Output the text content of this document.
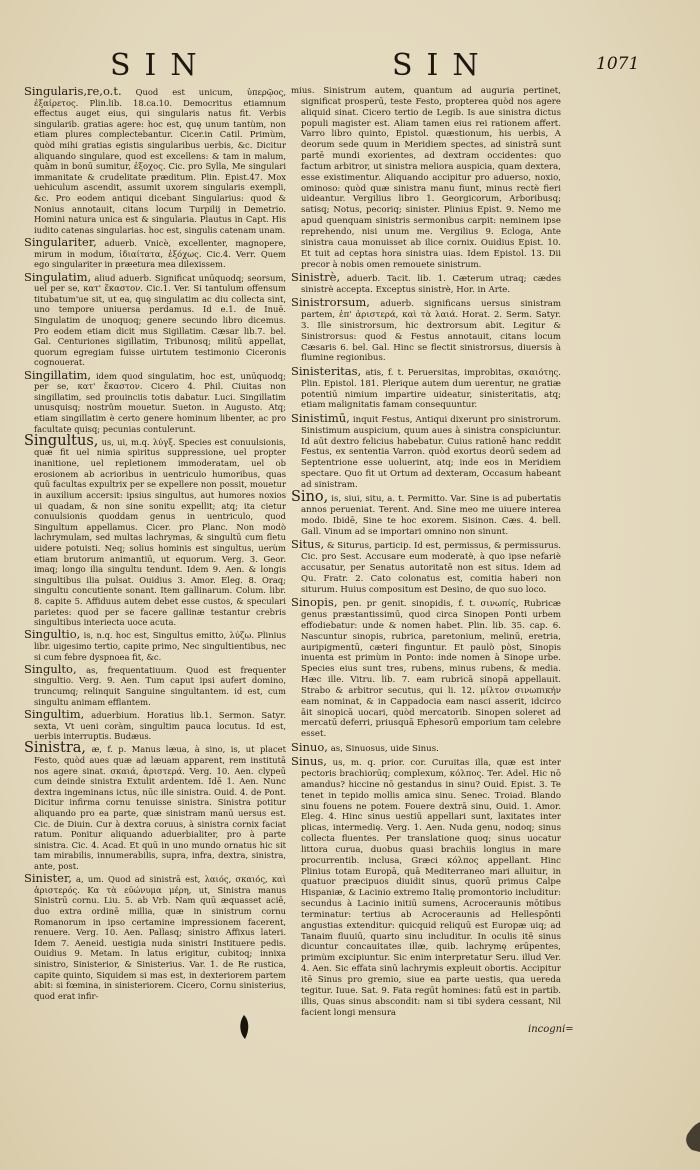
SIN	SIN	1071

Singularis,re,o.t. Quod est unicum, ὑπερῷος, ἐξαίρετος. Plin.lib. 18.ca.10. Democritus etiamnum effectus auget eius, qui singularis natus fit. Verbis singularib. gratias agere: hoc est, quę unum tantùm, non etiam plures complectebantur. Cicer.in Catil. Primùm, quòd mihi gratias egistis singularibus uerbis, &c. Dicitur aliquando singulare, quod est excellens: & tam in malum, quàm in bonū sumitur, ἐξοχος. Cic. pro Sylla, Me singulari immanitate & crudelitate præditum. Plin. Epist.47. Mox uehiculum ascendit, assumit uxorem singularis exempli, &c. Pro eodem antiqui dicebant Singularius: quod & Nonius annotauit, citans locum Turpilij in Demetrio. Homini natura unica est & singularia. Plautus in Capt. His iudito catenas singularias. hoc est, singulis catenam unam.

Singulariter, aduerb. Vnicè, excellenter, magnopere, mirum in modum, ἰδιαίτατα, ἐξόχως. Cic.4. Verr. Quem ego singulariter in præetura mea dilexissem.

Singulatim, aliud aduerb. Significat unūquodq; seorsum, uel per se, κατ' ἕκαστον. Cic.1. Ver. Si tantulum offensum titubatum'ue sit, ut ea, quę singulatim ac diu collecta sint, uno tempore uniuersa perdamus. Id e.1. de Inuē. Singulatim de unoquoq; genere secundo libro dicemus. Pro eodem etiam dicit mus Sigillatim. Cæsar lib.7. bel. Gal. Centuriones sigillatim, Tribunosq; militū appellat, quorum egregiam fuisse uirtutem testimonio Ciceronis cognouerat.

Singillatim, idem quod singulatim, hoc est, unūquodq; per se, κατ' ἕκαστον. Cicero 4. Phil. Ciuitas non singillatim, sed prouinciis totis dabatur. Luci. Singillatim unusquisq; nostrûm mouetur. Sueton. in Augusto. Atq; etiam singillatim è certo genere hominum libenter, ac pro facultate quisq; pecunias contulerunt.

Singultus, us, ui, m.q. λύγξ. Species est conuulsionis, quæ fit uel nimia spiritus suppressione, uel propter inanitione, uel repletionem immoderatam, uel ob erosionem ab acrioribus in uentriculo humoribus, quas quū facultas expultrix per se expellere non possit, mouetur in auxilium accersit: ipsius singultus, aut humores noxios ui quadam, & non sine sonitu expellit; atq; ita cietur conuulsionis quoddam genus in uentriculo, quod Singultum appellamus. Cicer. pro Planc. Non modò lachrymulam, sed multas lachrymas, & singultū cum fletu uidere potuisti. Neq; solius hominis est singultus, uerùm etiam brutorum animantiū, ut equorum. Verg. 3. Geor. imaq; longo ilia singultu tendunt. Idem 9. Aen. & longis singultibus ilia pulsat. Ouidius 3. Amor. Eleg. 8. Oraq; singultu concutiente sonant. Item gallinarum. Colum. libr. 8. capite 5. Affiduus autem debet esse custos, & speculari parietes: quod per se facere gallinæ testantur crebris singultibus interiecta uoce acuta.

Singultio, is, n.q. hoc est, Singultus emitto, λύζω. Plinius libr. uigesimo tertio, capite primo, Nec singultientibus, nec si cum febre dyspnoea fit, &c.

Singulto, as, frequentatiuum. Quod est frequenter singultio. Verg. 9. Aen. Tum caput ipsi aufert domino, truncumq; relinquit Sanguine singultantem. id est, cum singultu animam efflantem.

Singultim, aduerbium. Horatius lib.1. Sermon. Satyr. sexta, Vt ueni coràm, singultim pauca locutus. Id est, uerbis interruptis. Budæus.

Sinistra, æ, f. p. Manus læua, à sino, is, ut placet Festo, quòd aues quæ ad læuam apparent, rem institutā nos agere sinat. σκαιά, ἀριστερά. Verg. 10. Aen. clypeū cum deinde sinistra Extulit ardentem. Idē 1. Aen. Nunc dextra ingeminans ictus, nūc ille sinistra. Ouid. 4. de Pont. Dicitur infirma cornu tenuisse sinistra. Sinistra potitur aliquando pro ea parte, quæ sinistram manū uersus est. Cic. de Diuin. Cur à dextra coruus, à sinistra cornix faciat ratum. Ponitur aliquando aduerbialiter, pro à parte sinistra. Cic. 4. Acad. Et quū in uno mundo ornatus hic sit tam mirabilis, innumerabilis, supra, infra, dextra, sinistra, ante, post.

Sinister, a, um. Quod ad sinistrā est, λαιός, σκαιός, καὶ ἀριστερός. Κα τὰ εὐώνυμα μέρη, ut, Sinistra manus Sinistrū cornu. Liu. 5. ab Vrb. Nam quū æquasset aciē, duo extra ordinē millia, quæ in sinistrum cornu Romanorum in ipso certamine impressionem facerent, renuere. Verg. 10. Aen. Pallasq; sinistro Affixus lateri. Idem 7. Aeneid. uestigia nuda sinistri Instituere pedis. Ouidius 9. Metam. In latus erigitur, cubitoq; innixa sinistro, Sinisterior, & Sinisterius. Var. 1. de Re rustica, capite quinto, Siquidem si mas est, in dexteriorem partem abit: si fœmina, in sinisteriorem. Cicero, Cornu sinisterius, quod erat infir-

mius. Sinistrum autem, quantum ad auguria pertinet, significat prosperū, teste Festo, propterea quòd nos agere aliquid sinat. Cicero tertio de Legib. Is aue sinistra dictus populi magister est. Aliam tamen eius rei rationem affert. Varro libro quinto, Epistol. quæstionum, his uerbis, A deorum sede quum in Meridiem spectes, ad sinistrā sunt partē mundi exorientes, ad dextram occidentes: quo factum arbitror, ut sinistra meliora auspicia, quam dextera, esse existimentur. Aliquando accipitur pro aduerso, noxio, ominoso: quòd quæ sinistra manu fiunt, minus rectè fieri uideantur. Vergilius libro 1. Georgicorum, Arboribusq; satisq; Notus, pecoriq; sinister. Plinius Epist. 9. Nemo me apud quenquam sinistris sermonibus carpit: neminem ipse reprehendo, nisi unum me. Vergilius 9. Ecloga, Ante sinistra caua monuisset ab ilice cornix. Ouidius Epist. 10. Et tuit ad ceptas hora sinistra uias. Idem Epistol. 13. Dii precor à nobis omen remouete sinistrum.

Sinistrè, aduerb. Tacit. lib. 1. Cæterum utraq; cædes sinistrè accepta. Exceptus sinistrè, Hor. in Arte.

Sinistrorsum, aduerb. significans uersus sinistram partem, ἐπ' ἀριστερά, καὶ τὰ λαιά. Horat. 2. Serm. Satyr. 3. Ille sinistrorsum, hic dextrorsum abit. Legitur & Sinistrorsus: quod & Festus annotauit, citans locum Cæsaris 6. bel. Gal. Hinc se flectit sinistrorsus, diuersis à flumine regionibus.

Sinisteritas, atis, f. t. Peruersitas, improbitas, σκαιότης. Plin. Epistol. 181. Plerique autem dum uerentur, ne gratiæ potentiū nimium impartire uideatur, sinisteritatis, atq; etiam malignitatis famam consequuntur.

Sinistimū, inquit Festus, Antiqui dixerunt pro sinistrorum. Sinistimum auspicium, quum aues à sinistra conspiciuntur. Id aūt dextro felicius habebatur. Cuius rationē hanc reddit Festus, ex sententia Varron. quòd exortus deorū sedem ad Septentrione esse uoluerint, atq; inde eos in Meridiem spectare. Quo fit ut Ortum ad dexteram, Occasum habeant ad sinistram.

Sino, is, siui, situ, a. t. Permitto. Var. Sine is ad pubertatis annos perueniat. Terent. And. Sine meo me uiuere interea modo. Ibidē, Sine te hoc exorem. Sisinon. Cæs. 4. bell. Gall. Vinum ad se importari omnino non sinunt.

Situs, & Siturus, particip. Id est, permissus, & permissurus. Cic. pro Sest. Accusare eum moderatè, à quo ipse nefariè accusatur, per Senatus autoritatē non est situs. Idem ad Qu. Fratr. 2. Cato colonatus est, comitia haberi non siturum. Huius compositum est Desino, de quo suo loco.

Sinopis, pen. pr genit. sinopidis, f. t. σινωπίς, Rubricæ genus præstantissimū, quod circa Sinopen Ponti urbem effodiebatur: unde & nomen habet. Plin. lib. 35. cap. 6. Nascuntur sinopis, rubrica, paretonium, melinū, eretria, auripigmentū, cæteri finguntur. Et paulò pòst, Sinopis inuenta est primùm in Ponto: inde nomen à Sinope urbe. Species eius sunt tres, rubens, minus rubens, & media. Hæc ille. Vitru. lib. 7. eam rubricā sinopā appellauit. Strabo & arbitror secutus, qui li. 12. μίλτον σινωπικήν eam nominat, & in Cappadocia eam nasci asserit, idcirco āit sinopicā uocari, quòd mercatorib. Sinopen soleret ad mercatū deferri, priusquā Ephesorū emporium tam celebre esset.

Sinuo, as, Sinuosus, uide Sinus.

Sinus, us, m. q. prior. cor. Curuitas illa, quæ est inter pectoris brachiorūq; complexum, κόλπος. Ter. Adel. Hic nō amandus? hiccine nō gestandus in sinu? Ouid. Epist. 3. Te tenet in tepido mollis amica sinu. Senec. Troiad. Blando sinu fouens ne potem. Fouere dextrā sinu, Ouid. 1. Amor. Eleg. 4. Hinc sinus uestiū appellari sunt, laxitates inter plicas, intermedię. Verg. 1. Aen. Nuda genu, nodoq; sinus collecta fluentes. Per translatione quoq; sinus uocatur littora curua, duobus quasi brachiis longius in mare procurrentib. inclusa, Græci κόλπος appellant. Hinc Plinius totam Europā, quā Mediterraneo mari alluitur, in quatuor præcipuos diuidit sinus, quorū primus Calpe Hispaniæ, & Lacinio extremo Italię promontorio includitur: secundus à Lacinio initiū sumens, Acroceraunis mōtibus terminatur: tertius ab Acroceraunis ad Hellespōnti angustias extenditur: quicquid reliquū est Europæ uiq; ad Tanaim fluuiū, quarto sinu includitur. In oculis itē sinus dicuntur concauitates illæ, quib. lachrymę erūpentes, primùm excipiuntur. Sic enim interpretatur Seru. illud Ver. 4. Aen. Sic effata sinū lachrymis expleuit obortis. Accipitur itē Sinus pro gremio, siue ea parte uestis, qua uereda tegitur. Iuue. Sat. 9. Fata regūt homines: fatū est in partib. illis, Quas sinus abscondit: nam si tibi sydera cessant, Nil facient longi mensura

incogni=
